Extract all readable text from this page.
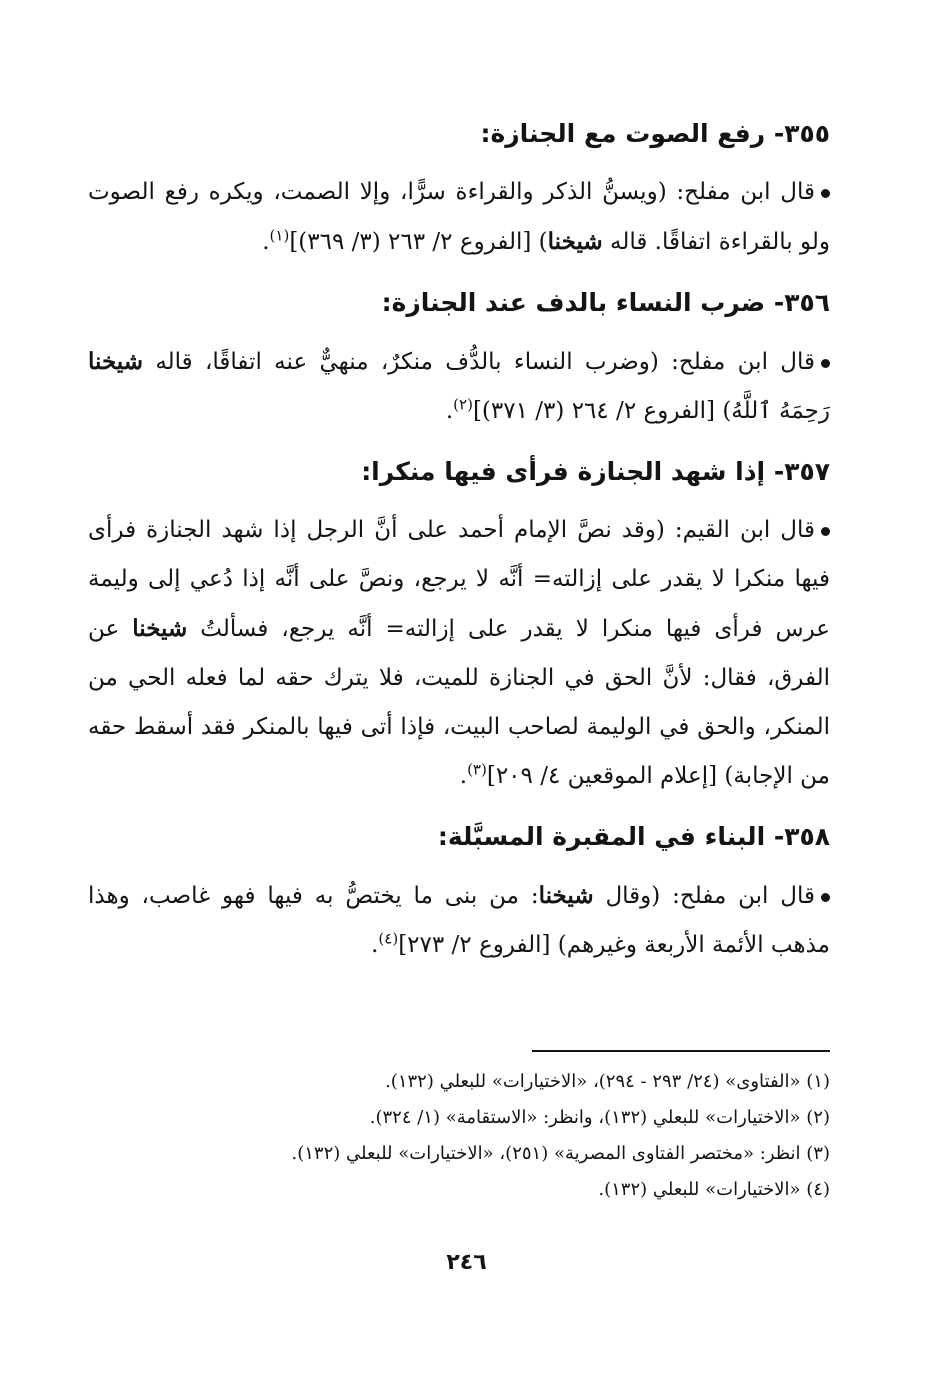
٣٥٥- رفع الصوت مع الجنازة:

قال ابن مفلح: (ويسنُّ الذكر والقراءة سرًّا، وإلا الصمت، ويكره رفع الصوت ولو بالقراءة اتفاقًا. قاله شيخنا) [الفروع ٢/ ٢٦٣ (٣/ ٣٦٩)]$^{(١)}$.

٣٥٦- ضرب النساء بالدف عند الجنازة:

قال ابن مفلح: (وضرب النساء بالدُّف منكرٌ، منهيٌّ عنه اتفاقًا، قاله شيخنا رَحِمَهُ ٱللَّهُ) [الفروع ٢/ ٢٦٤ (٣/ ٣٧١)]$^{(٢)}$.

٣٥٧- إذا شهد الجنازة فرأى فيها منكرا:

قال ابن القيم: (وقد نصَّ الإمام أحمد على أنَّ الرجل إذا شهد الجنازة فرأى فيها منكرا لا يقدر على إزالته= أنَّه لا يرجع، ونصَّ على أنَّه إذا دُعي إلى وليمة عرس فرأى فيها منكرا لا يقدر على إزالته= أنَّه يرجع، فسألتُ شيخنا عن الفرق، فقال: لأنَّ الحق في الجنازة للميت، فلا يترك حقه لما فعله الحي من المنكر، والحق في الوليمة لصاحب البيت، فإذا أتى فيها بالمنكر فقد أسقط حقه من الإجابة) [إعلام الموقعين ٤/ ٢٠٩]$^{(٣)}$.

٣٥٨- البناء في المقبرة المسبَّلة:

قال ابن مفلح: (وقال شيخنا: من بنى ما يختصُّ به فيها فهو غاصب، وهذا مذهب الأئمة الأربعة وغيرهم) [الفروع ٢/ ٢٧٣]$^{(٤)}$.

(١) «الفتاوى» (٢٤/ ٢٩٣ - ٢٩٤)، «الاختيارات» للبعلي (١٣٢).

(٢) «الاختيارات» للبعلي (١٣٢)، وانظر: «الاستقامة» (١/ ٣٢٤).

(٣) انظر: «مختصر الفتاوى المصرية» (٢٥١)، «الاختيارات» للبعلي (١٣٢).

(٤) «الاختيارات» للبعلي (١٣٢).

٢٤٦
